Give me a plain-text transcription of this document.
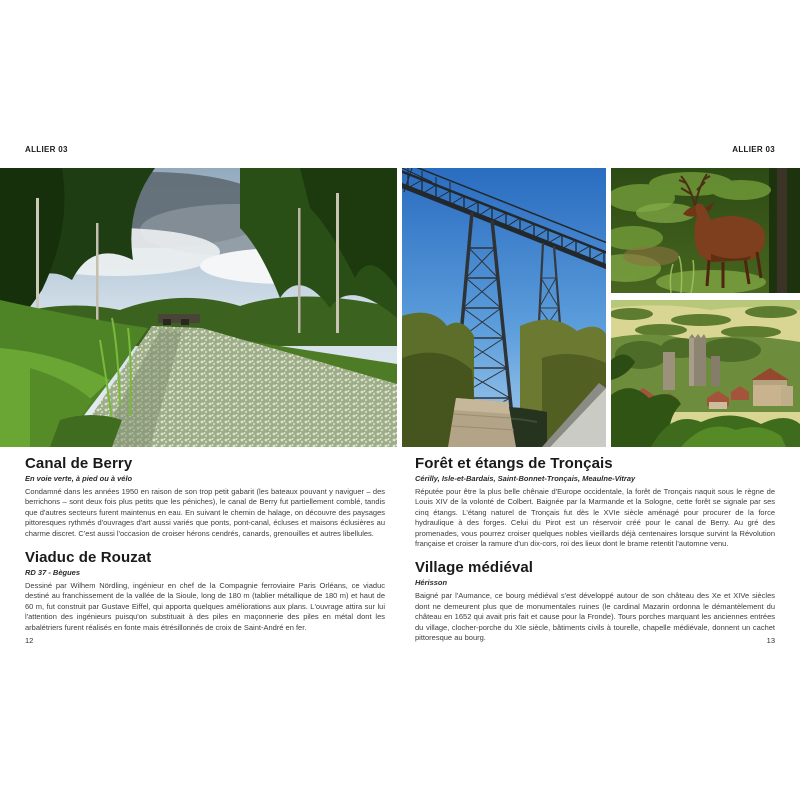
ALLIER 03	ALLIER 03
Canal de Berry

En voie verte, à pied ou à vélo

Condamné dans les années 1950 en raison de son trop petit gabarit (les bateaux pouvant y naviguer – des berrichons – sont deux fois plus petits que les péniches), le canal de Berry fut partiellement comblé, tandis que d'autres secteurs furent maintenus en eau. En suivant le chemin de halage, on découvre des paysages pittoresques rythmés d'ouvrages d'art aussi variés que ponts, pont-canal, écluses et maisons éclusières au charme discret. C'est aussi l'occasion de croiser hérons cendrés, canards, grenouilles et autres libellules.

Viaduc de Rouzat

RD 37 - Bègues

Dessiné par Wilhem Nördling, ingénieur en chef de la Compagnie ferroviaire Paris Orléans, ce viaduc destiné au franchissement de la vallée de la Sioule, long de 180 m (tablier métallique de 180 m) et haut de 60 m, fut construit par Gustave Eiffel, qui apporta quelques améliorations aux plans. L'ouvrage attira sur lui l'attention des ingénieurs puisqu'on substituait à des piles en maçonnerie des piles en métal dont les arbalétriers furent réalisés en fonte mais étrésillonnés de croix de Saint-André en fer.

Forêt et étangs de Tronçais

Cérilly, Isle-et-Bardais, Saint-Bonnet-Tronçais, Meaulne-Vitray

Réputée pour être la plus belle chênaie d'Europe occidentale, la forêt de Tronçais naquit sous le règne de Louis XIV de la volonté de Colbert. Baignée par la Marmande et la Sologne, cette forêt se signale par ses cinq étangs. L'étang naturel de Tronçais fut dès le XVIe siècle aménagé pour procurer de la force hydraulique à des forges. Celui du Pirot est un réservoir créé pour le canal de Berry. Au gré des promenades, vous pourrez croiser quelques nobles vieillards déjà centenaires lorsque survint la Révolution française et croiser la ramure d'un dix-cors, roi des lieux dont le brame retentit l'automne venu.

Village médiéval

Hérisson

Baigné par l'Aumance, ce bourg médiéval s'est développé autour de son château des Xe et XIVe siècles dont ne demeurent plus que de monumentales ruines (le cardinal Mazarin ordonna le démantèlement du château en 1652 qui avait pris fait et cause pour la Fronde). Tours porches marquant les anciennes entrées du village, clocher-porche du XIe siècle, bâtiments civils à tourelle, chapelle médiévale, donnent un cachet pittoresque au bourg.

12	13
